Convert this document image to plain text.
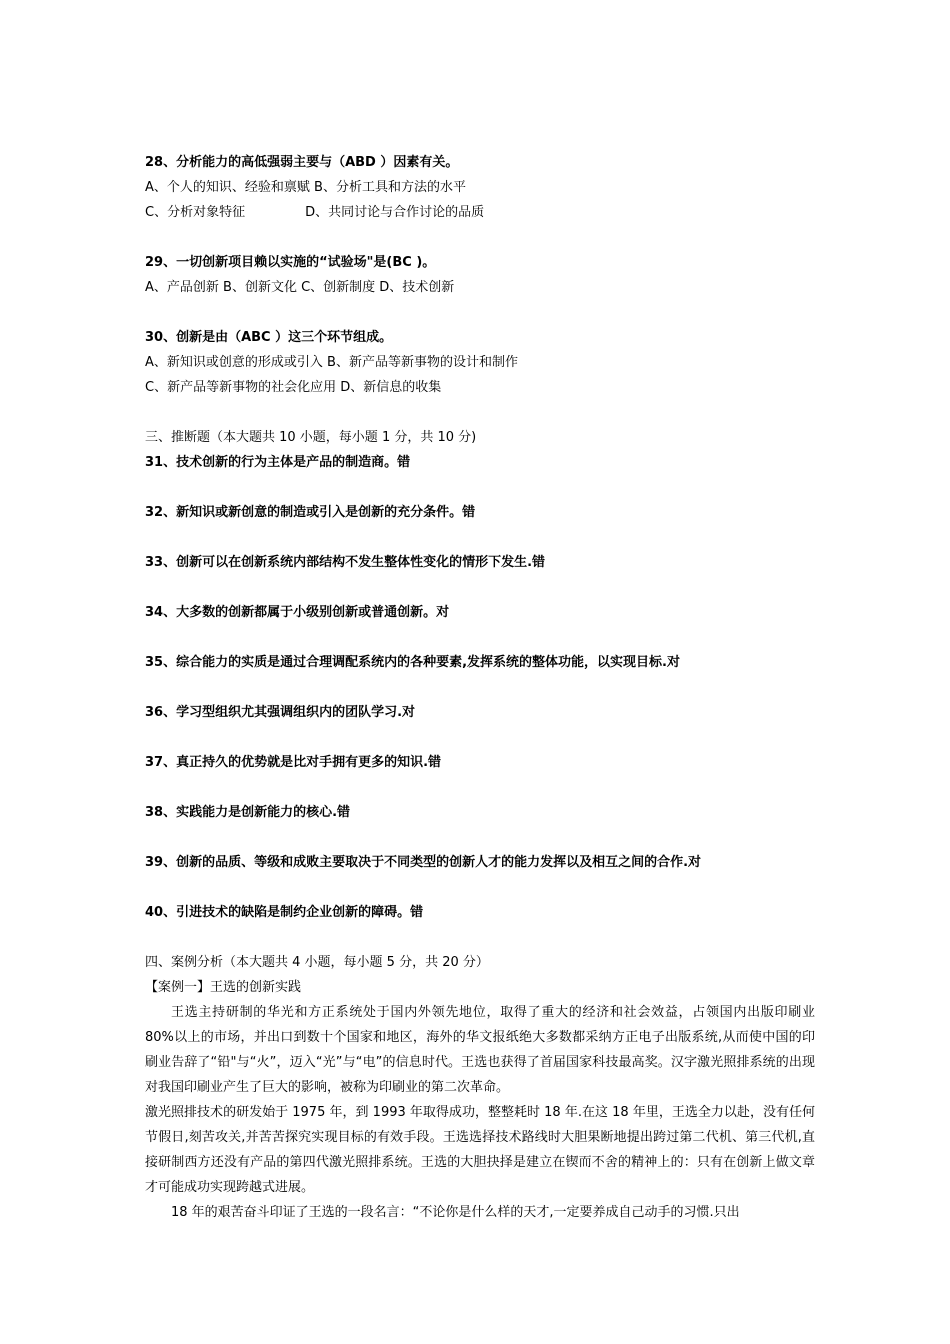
28、分析能力的高低强弱主要与（ABD ）因素有关。
A、个人的知识、经验和禀赋 B、分析工具和方法的水平
C、分析对象特征	D、共同讨论与合作讨论的品质
29、一切创新项目赖以实施的“试验场"是(BC )。
A、产品创新 B、创新文化 C、创新制度 D、技术创新
30、创新是由（ABC ）这三个环节组成。
A、新知识或创意的形成或引入 B、新产品等新事物的设计和制作
C、新产品等新事物的社会化应用 D、新信息的收集
三、推断题（本大题共 10 小题，每小题 1 分，共 10 分)
31、技术创新的行为主体是产品的制造商。错
32、新知识或新创意的制造或引入是创新的充分条件。错
33、创新可以在创新系统内部结构不发生整体性变化的情形下发生.错
34、大多数的创新都属于小级别创新或普通创新。对
35、综合能力的实质是通过合理调配系统内的各种要素,发挥系统的整体功能，以实现目标.对
36、学习型组织尤其强调组织内的团队学习.对
37、真正持久的优势就是比对手拥有更多的知识.错
38、实践能力是创新能力的核心.错
39、创新的品质、等级和成败主要取决于不同类型的创新人才的能力发挥以及相互之间的合作.对
40、引进技术的缺陷是制约企业创新的障碍。错
四、案例分析（本大题共 4 小题，每小题 5 分，共 20 分）
【案例一】王选的创新实践
王选主持研制的华光和方正系统处于国内外领先地位，取得了重大的经济和社会效益，占领国内出版印刷业 80%以上的市场，并出口到数十个国家和地区，海外的华文报纸绝大多数都采纳方正电子出版系统,从而使中国的印刷业告辞了“铅"与“火”，迈入“光”与“电”的信息时代。王选也获得了首届国家科技最高奖。汉字激光照排系统的出现对我国印刷业产生了巨大的影响，被称为印刷业的第二次革命。
激光照排技术的研发始于 1975 年，到 1993 年取得成功，整整耗时 18 年.在这 18 年里，王选全力以赴，没有任何节假日,刻苦攻关,并苦苦探究实现目标的有效手段。王选选择技术路线时大胆果断地提出跨过第二代机、第三代机,直接研制西方还没有产品的第四代激光照排系统。王选的大胆抉择是建立在锲而不舍的精神上的：只有在创新上做文章才可能成功实现跨越式进展。
18 年的艰苦奋斗印证了王选的一段名言：“不论你是什么样的天才,一定要养成自己动手的习惯.只出
